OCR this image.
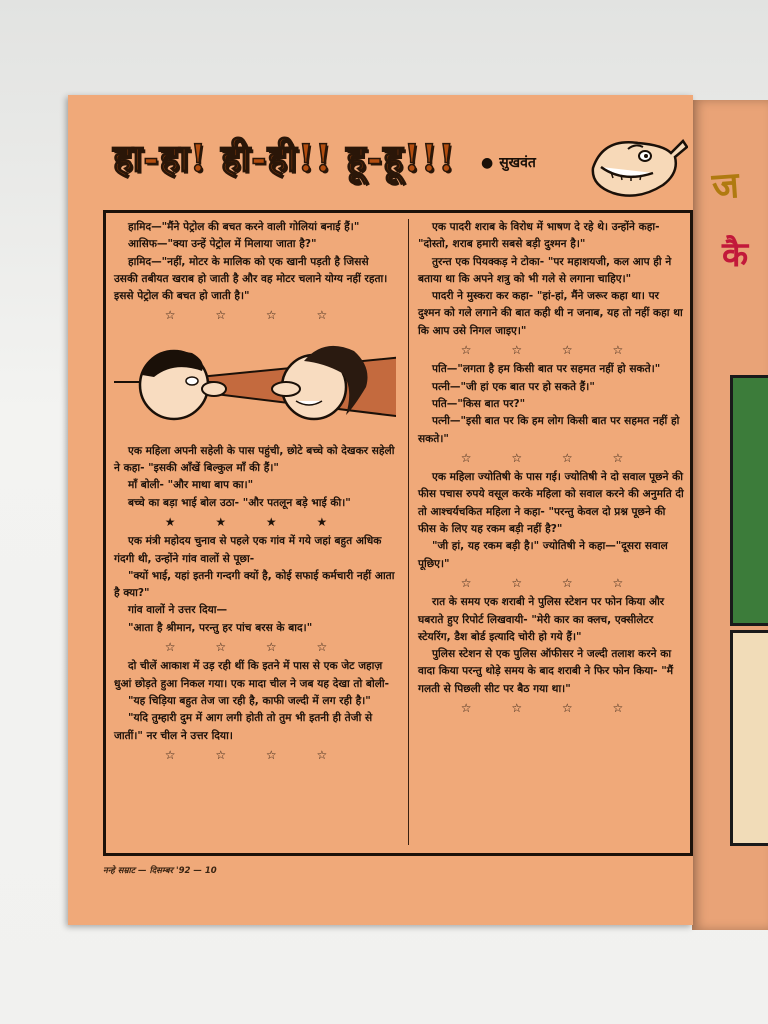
ज
कै
हा-हा! ही-ही!! हू-हू!!! ● सुखवंत

हामिद—"मैंने पेट्रोल की बचत करने वाली गोलियां बनाई हैं।"

आसिफ—"क्या उन्हें पेट्रोल में मिलाया जाता है?"

हामिद—"नहीं, मोटर के मालिक को एक खानी पड़ती है जिससे उसकी तबीयत खराब हो जाती है और वह मोटर चलाने योग्य नहीं रहता। इससे पेट्रोल की बचत हो जाती है।"

☆ ☆ ☆ ☆

एक महिला अपनी सहेली के पास पहुंची, छोटे बच्चे को देखकर सहेली ने कहा- "इसकी आँखें बिल्कुल माँ की हैं।"

माँ बोली- "और माथा बाप का।"

बच्चे का बड़ा भाई बोल उठा- "और पतलून बड़े भाई की।"

★ ★ ★ ★

एक मंत्री महोदय चुनाव से पहले एक गांव में गये जहां बहुत अधिक गंदगी थी, उन्होंने गांव वालों से पूछा-

"क्यों भाई, यहां इतनी गन्दगी क्यों है, कोई सफाई कर्मचारी नहीं आता है क्या?"

गांव वालों ने उत्तर दिया—

"आता है श्रीमान, परन्तु हर पांच बरस के बाद।"

☆ ☆ ☆ ☆

दो चीलें आकाश में उड़ रही थीं कि इतने में पास से एक जेट जहाज़ धुआं छोड़ते हुआ निकल गया। एक मादा चील ने जब यह देखा तो बोली-

"यह चिड़िया बहुत तेज जा रही है, काफी जल्दी में लग रही है।"

"यदि तुम्हारी दुम में आग लगी होती तो तुम भी इतनी ही तेजी से जातीं।" नर चील ने उत्तर दिया।

☆ ☆ ☆ ☆

एक पादरी शराब के विरोध में भाषण दे रहे थे। उन्होंने कहा- "दोस्तो, शराब हमारी सबसे बड़ी दुश्मन है।"

तुरन्त एक पियक्कड़ ने टोका- "पर महाशयजी, कल आप ही ने बताया था कि अपने शत्रु को भी गले से लगाना चाहिए।"

पादरी ने मुस्करा कर कहा- "हां-हां, मैंने जरूर कहा था। पर दुश्मन को गले लगाने की बात कही थी न जनाब, यह तो नहीं कहा था कि आप उसे निगल जाइए।"

☆ ☆ ☆ ☆

पति—"लगता है हम किसी बात पर सहमत नहीं हो सकते।"

पत्नी—"जी हां एक बात पर हो सकते हैं।"

पति—"किस बात पर?"

पत्नी—"इसी बात पर कि हम लोग किसी बात पर सहमत नहीं हो सकते।"

☆ ☆ ☆ ☆

एक महिला ज्योतिषी के पास गई। ज्योतिषी ने दो सवाल पूछने की फीस पचास रुपये वसूल करके महिला को सवाल करने की अनुमति दी तो आश्चर्यचकित महिला ने कहा- "परन्तु केवल दो प्रश्न पूछने की फीस के लिए यह रकम बड़ी नहीं है?"

"जी हां, यह रकम बड़ी है।" ज्योतिषी ने कहा—"दूसरा सवाल पूछिए।"

☆ ☆ ☆ ☆

रात के समय एक शराबी ने पुलिस स्टेशन पर फोन किया और घबराते हुए रिपोर्ट लिखवायी- "मेरी कार का क्लच, एक्सीलेटर स्टेयरिंग, डैश बोर्ड इत्यादि चोरी हो गये हैं।"

पुलिस स्टेशन से एक पुलिस ऑफीसर ने जल्दी तलाश करने का वादा किया परन्तु थोड़े समय के बाद शराबी ने फिर फोन किया- "मैं गलती से पिछली सीट पर बैठ गया था।"

☆ ☆ ☆ ☆
नन्हे सम्राट — दिसम्बर '92 — 10
